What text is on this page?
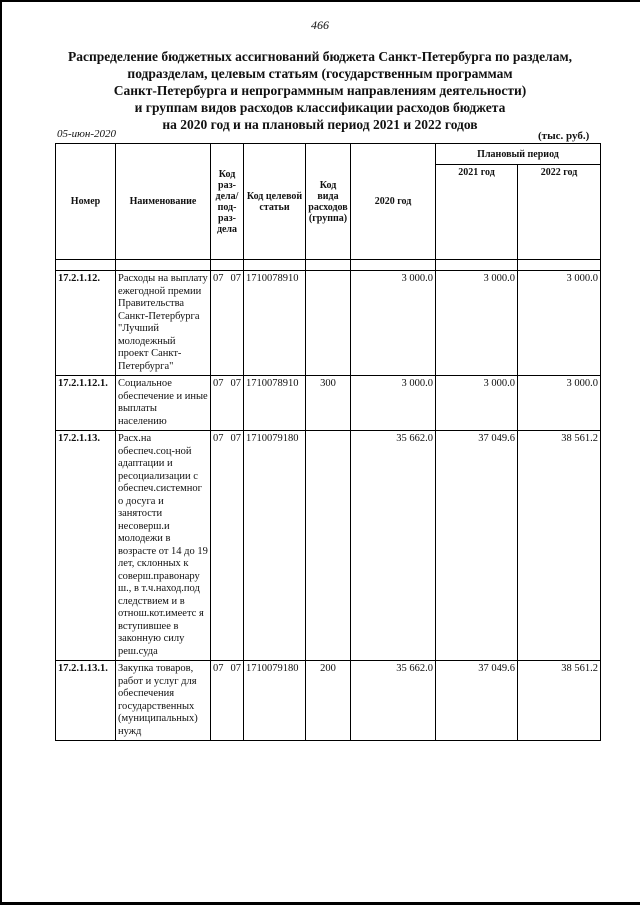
466
Распределение бюджетных ассигнований бюджета Санкт-Петербурга по разделам,
подразделам, целевым статьям (государственным программам
Санкт-Петербурга и непрограммным направлениям деятельности)
и группам видов расходов классификации расходов бюджета
на 2020 год и на плановый период 2021 и 2022 годов
05-июн-2020	(тыс. руб.)
Номер	Наименование	Код раз- дела/ под- раз- дела	Код целевой статьи	Код вида расходов (группа)	2020 год	Плановый период	
						2021 год	2022 год

17.2.1.12.	Расходы на выплату ежегодной премии Правительства Санкт-Петербурга "Лучший молодежный проект Санкт-Петербурга"	07 07	1710078910		3 000.0	3 000.0	3 000.0
17.2.1.12.1.	Социальное обеспечение и иные выплаты населению	07 07	1710078910	300	3 000.0	3 000.0	3 000.0
17.2.1.13.	Расх.на обеспеч.соц-ной адаптации и ресоциализации с обеспеч.системног о досуга и занятости несоверш.и молодежи в возрасте от 14 до 19 лет, склонных к соверш.правонару ш., в т.ч.наход.под следствием и в отнош.кот.имеетс я вступившее в законную силу реш.суда	07 07	1710079180		35 662.0	37 049.6	38 561.2
17.2.1.13.1.	Закупка товаров, работ и услуг для обеспечения государственных (муниципальных) нужд	07 07	1710079180	200	35 662.0	37 049.6	38 561.2
